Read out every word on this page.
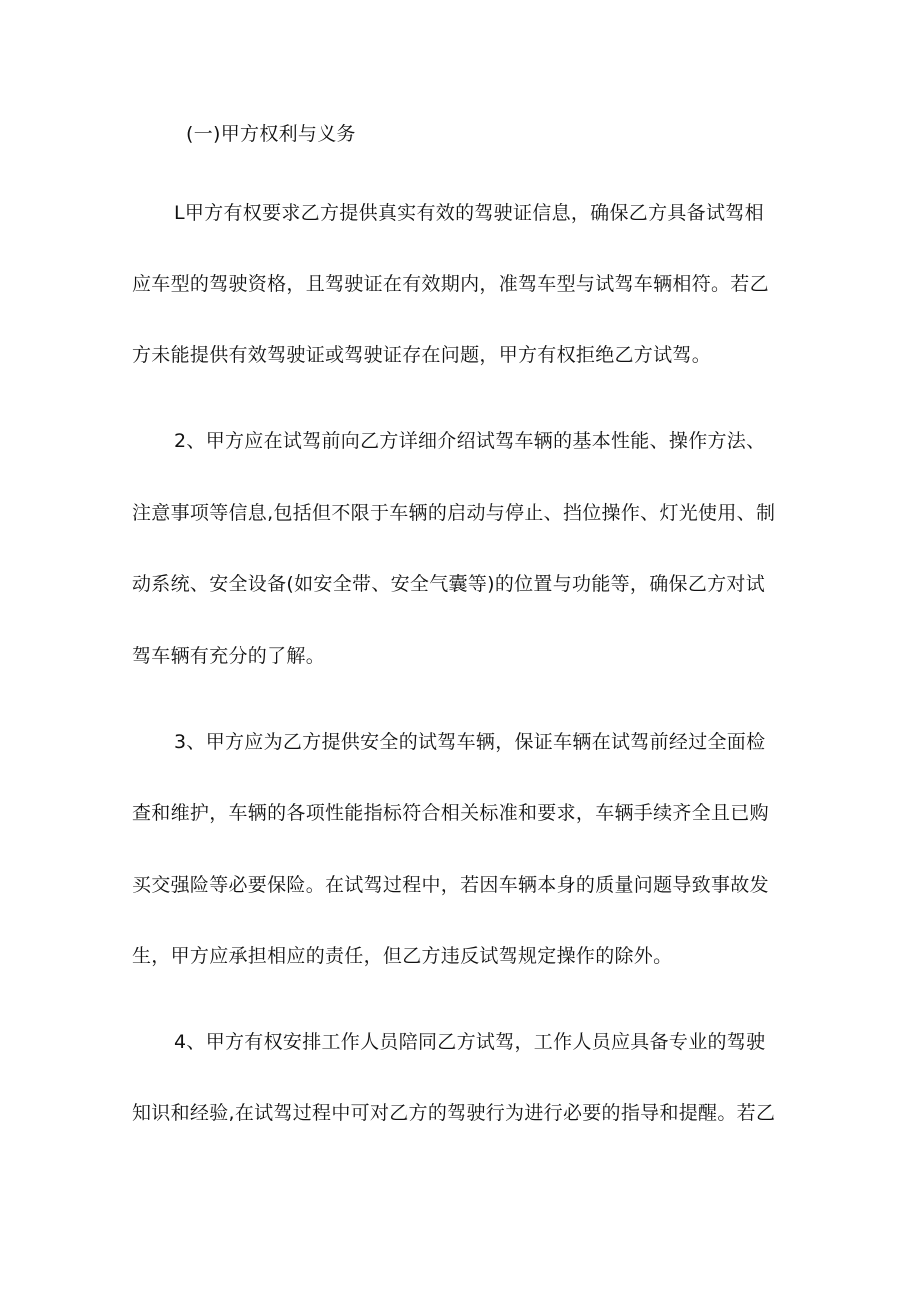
(一)甲方权利与义务
L甲方有权要求乙方提供真实有效的驾驶证信息，确保乙方具备试驾相
应车型的驾驶资格，且驾驶证在有效期内，准驾车型与试驾车辆相符。若乙
方未能提供有效驾驶证或驾驶证存在问题，甲方有权拒绝乙方试驾。
2、甲方应在试驾前向乙方详细介绍试驾车辆的基本性能、操作方法、
注意事项等信息,包括但不限于车辆的启动与停止、挡位操作、灯光使用、制
动系统、安全设备(如安全带、安全气囊等)的位置与功能等，确保乙方对试
驾车辆有充分的了解。
3、甲方应为乙方提供安全的试驾车辆，保证车辆在试驾前经过全面检
查和维护，车辆的各项性能指标符合相关标准和要求，车辆手续齐全且已购
买交强险等必要保险。在试驾过程中，若因车辆本身的质量问题导致事故发
生，甲方应承担相应的责任，但乙方违反试驾规定操作的除外。
4、甲方有权安排工作人员陪同乙方试驾，工作人员应具备专业的驾驶
知识和经验,在试驾过程中可对乙方的驾驶行为进行必要的指导和提醒。若乙
